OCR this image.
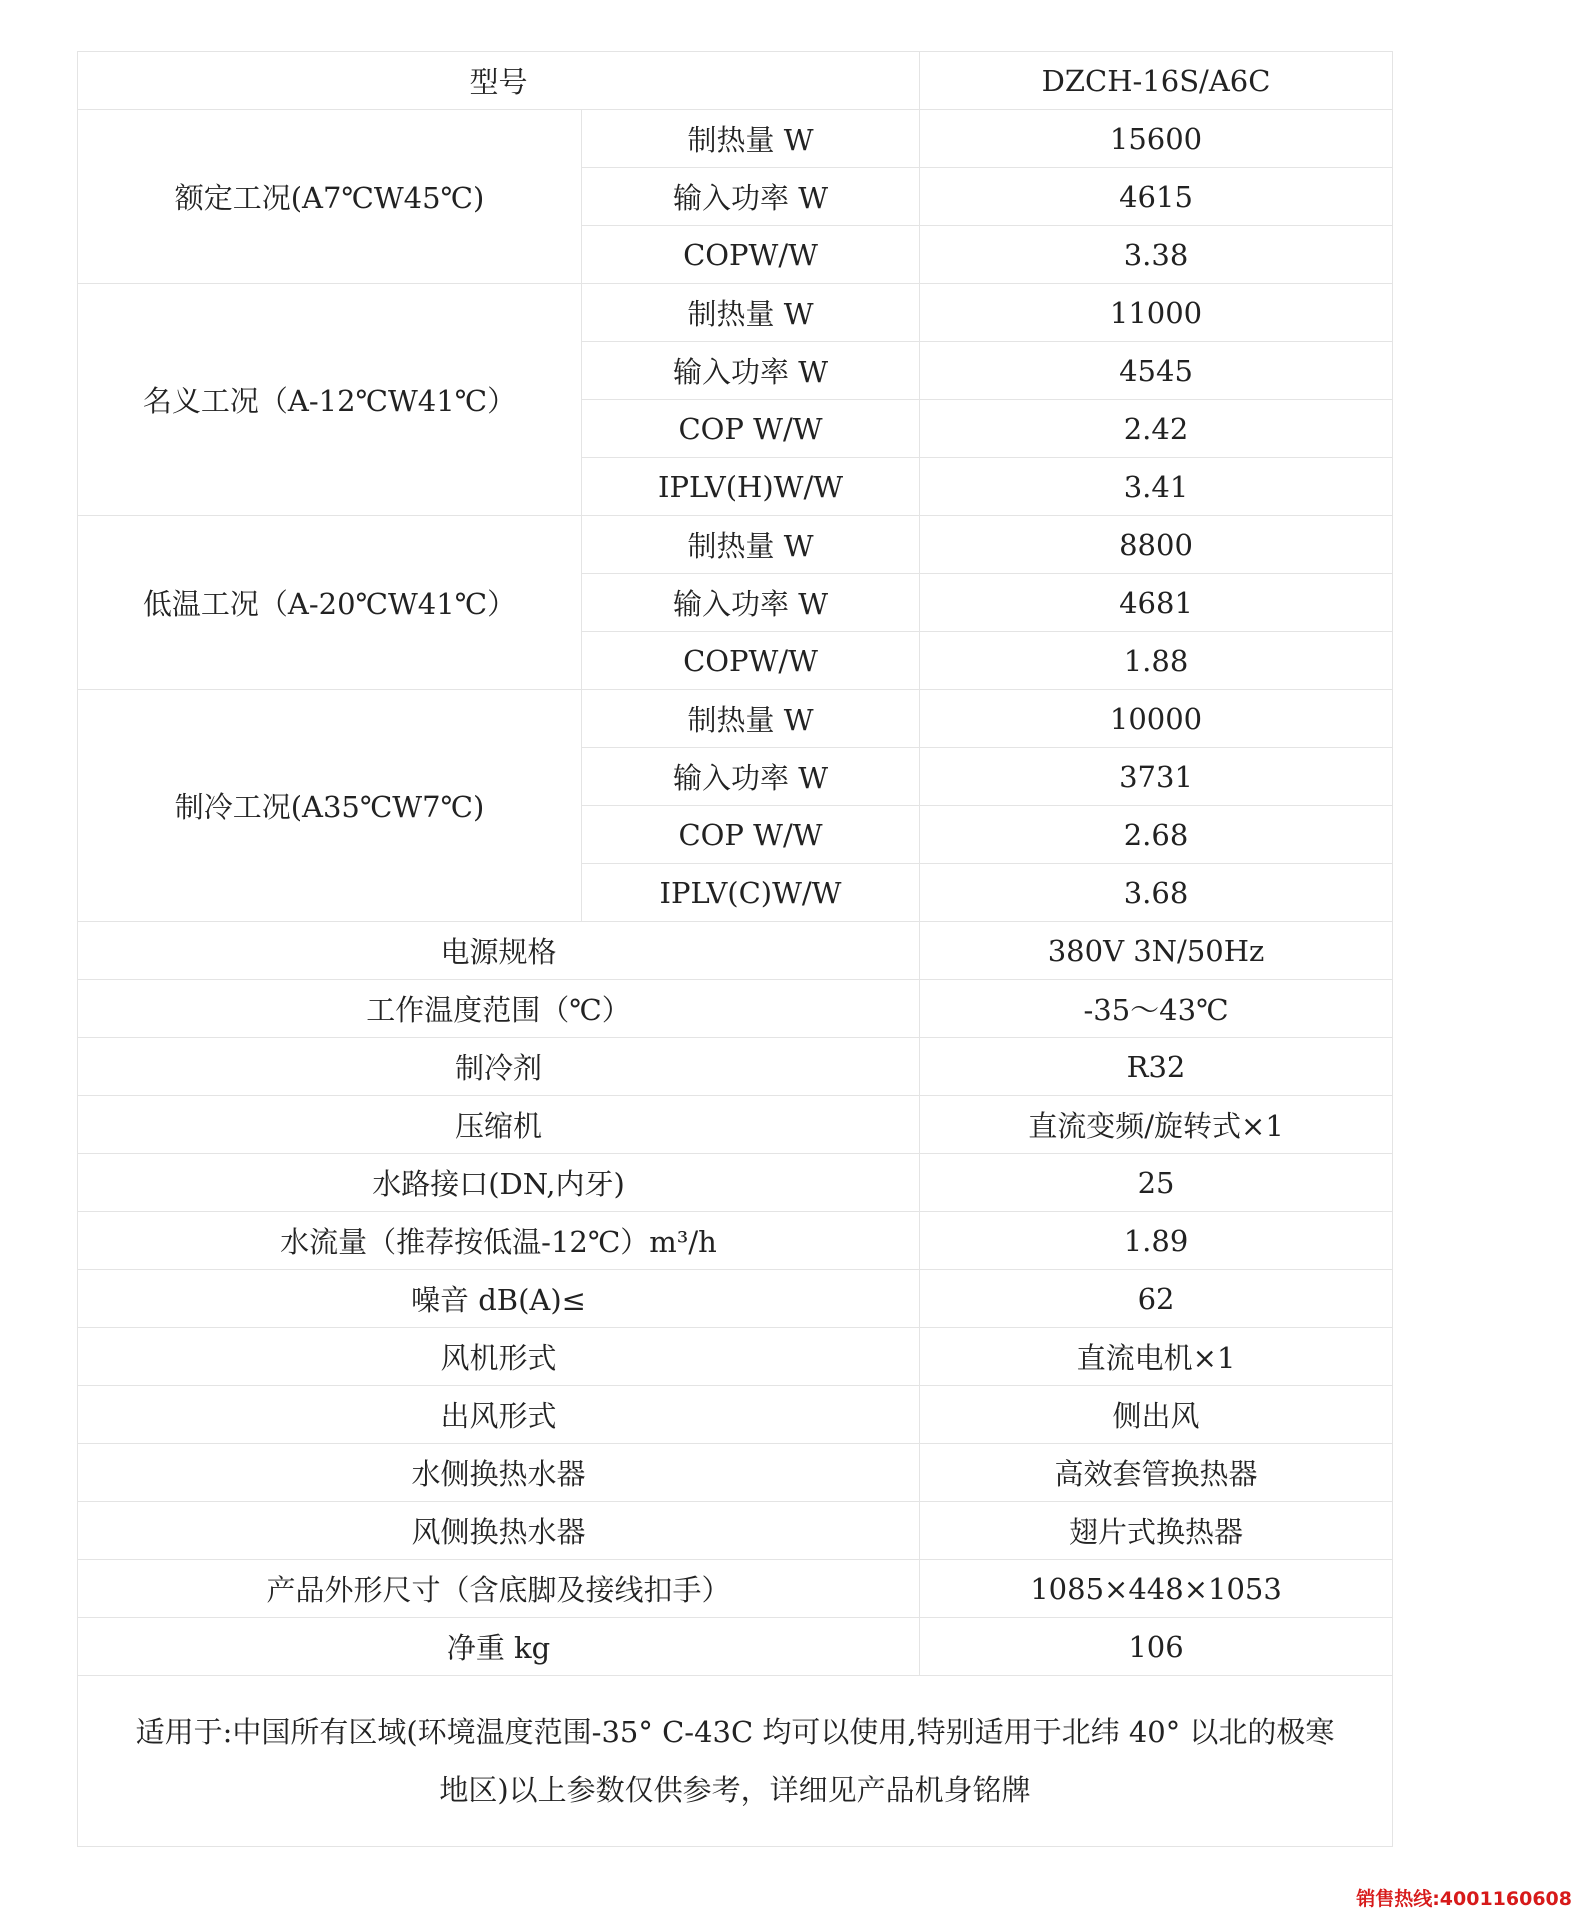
型号		DZCH-16S/A6C
额定工况(A7℃W45℃)	制热量 W	15600
	输入功率 W	4615
	COPW/W	3.38
名义工况（A-12℃W41℃）	制热量 W	11000
	输入功率 W	4545
	COP W/W	2.42
	IPLV(H)W/W	3.41
低温工况（A-20℃W41℃）	制热量 W	8800
	输入功率 W	4681
	COPW/W	1.88
制冷工况(A35℃W7℃)	制热量 W	10000
	输入功率 W	3731
	COP W/W	2.68
	IPLV(C)W/W	3.68
电源规格		380V 3N/50Hz
工作温度范围（℃）		-35～43℃
制冷剂		R32
压缩机		直流变频/旋转式×1
水路接口(DN,内牙)		25
水流量（推荐按低温-12℃）m³/h		1.89
噪音 dB(A)≤		62
风机形式		直流电机×1
出风形式		侧出风
水侧换热水器		高效套管换热器
风侧换热水器		翅片式换热器
产品外形尺寸（含底脚及接线扣手）		1085×448×1053
净重 kg		106

适用于:中国所有区域(环境温度范围-35° C-43C 均可以使用,特别适用于北纬 40° 以北的极寒
地区)以上参数仅供参考，详细见产品机身铭牌		
销售热线:4001160608
